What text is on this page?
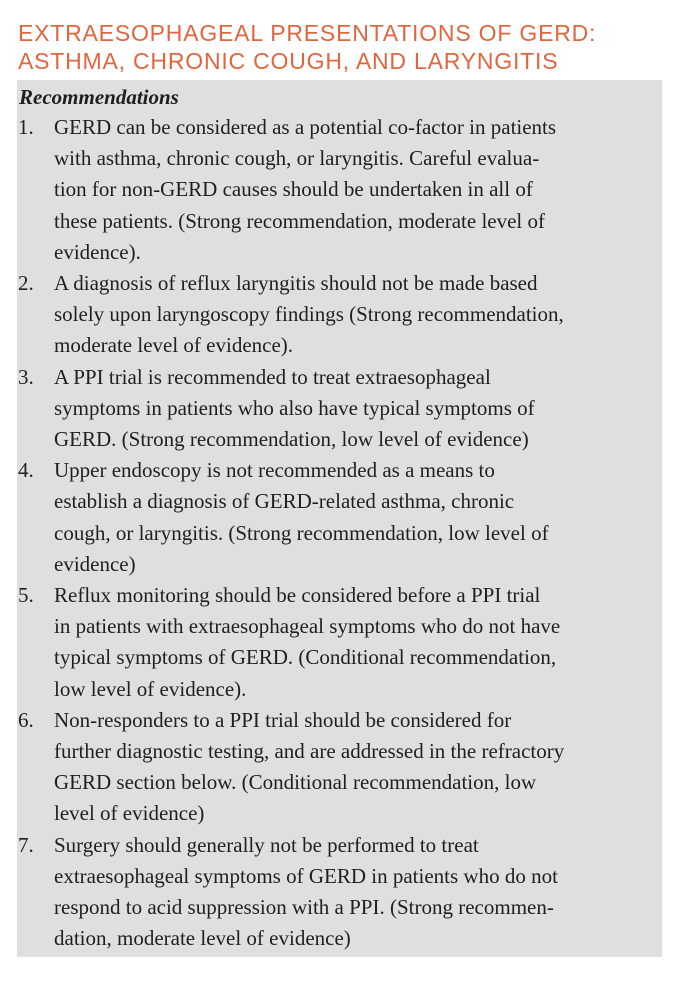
EXTRAESOPHAGEAL PRESENTATIONS OF GERD:
ASTHMA, CHRONIC COUGH, AND LARYNGITIS
Recommendations
1. GERD can be considered as a potential co-factor in patients
with asthma, chronic cough, or laryngitis. Careful evalua-
tion for non-GERD causes should be undertaken in all of
these patients. (Strong recommendation, moderate level of
evidence).
2. A diagnosis of reflux laryngitis should not be made based
solely upon laryngoscopy findings (Strong recommendation,
moderate level of evidence).
3. A PPI trial is recommended to treat extraesophageal
symptoms in patients who also have typical symptoms of
GERD. (Strong recommendation, low level of evidence)
4. Upper endoscopy is not recommended as a means to
establish a diagnosis of GERD-related asthma, chronic
cough, or laryngitis. (Strong recommendation, low level of
evidence)
5. Reflux monitoring should be considered before a PPI trial
in patients with extraesophageal symptoms who do not have
typical symptoms of GERD. (Conditional recommendation,
low level of evidence).
6. Non-responders to a PPI trial should be considered for
further diagnostic testing, and are addressed in the refractory
GERD section below. (Conditional recommendation, low
level of evidence)
7. Surgery should generally not be performed to treat
extraesophageal symptoms of GERD in patients who do not
respond to acid suppression with a PPI. (Strong recommen-
dation, moderate level of evidence)
